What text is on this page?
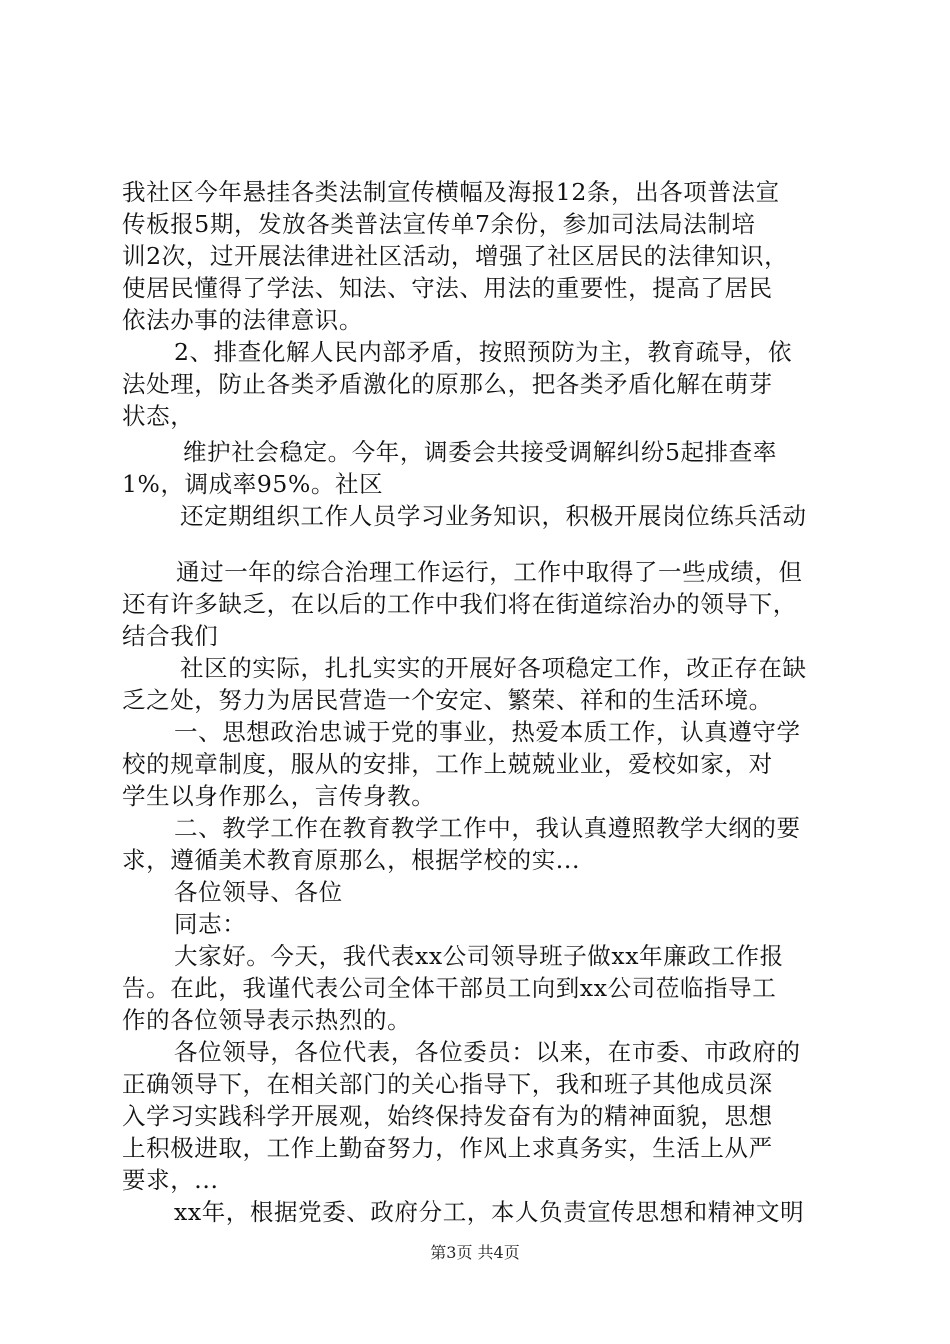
我社区今年悬挂各类法制宣传横幅及海报12条，出各项普法宣
传板报5期，发放各类普法宣传单7余份，参加司法局法制培
训2次，过开展法律进社区活动，增强了社区居民的法律知识，
使居民懂得了学法、知法、守法、用法的重要性，提高了居民
依法办事的法律意识。
2、排查化解人民内部矛盾，按照预防为主，教育疏导，依
法处理，防止各类矛盾激化的原那么，把各类矛盾化解在萌芽
状态，
维护社会稳定。今年，调委会共接受调解纠纷5起排查率
1%，调成率95%。社区
还定期组织工作人员学习业务知识，积极开展岗位练兵活动
通过一年的综合治理工作运行，工作中取得了一些成绩，但
还有许多缺乏，在以后的工作中我们将在街道综治办的领导下，
结合我们
社区的实际，扎扎实实的开展好各项稳定工作，改正存在缺
乏之处，努力为居民营造一个安定、繁荣、祥和的生活环境。
一、思想政治忠诚于党的事业，热爱本质工作，认真遵守学
校的规章制度，服从的安排，工作上兢兢业业，爱校如家，对
学生以身作那么，言传身教。
二、教学工作在教育教学工作中，我认真遵照教学大纲的要
求，遵循美术教育原那么，根据学校的实...
各位领导、各位
同志：
大家好。今天，我代表xx公司领导班子做xx年廉政工作报
告。在此，我谨代表公司全体干部员工向到xx公司莅临指导工
作的各位领导表示热烈的。
各位领导，各位代表，各位委员：以来，在市委、市政府的
正确领导下，在相关部门的关心指导下，我和班子其他成员深
入学习实践科学开展观，始终保持发奋有为的精神面貌，思想
上积极进取，工作上勤奋努力，作风上求真务实，生活上从严
要求，...
xx年，根据党委、政府分工，本人负责宣传思想和精神文明
第3页 共4页
